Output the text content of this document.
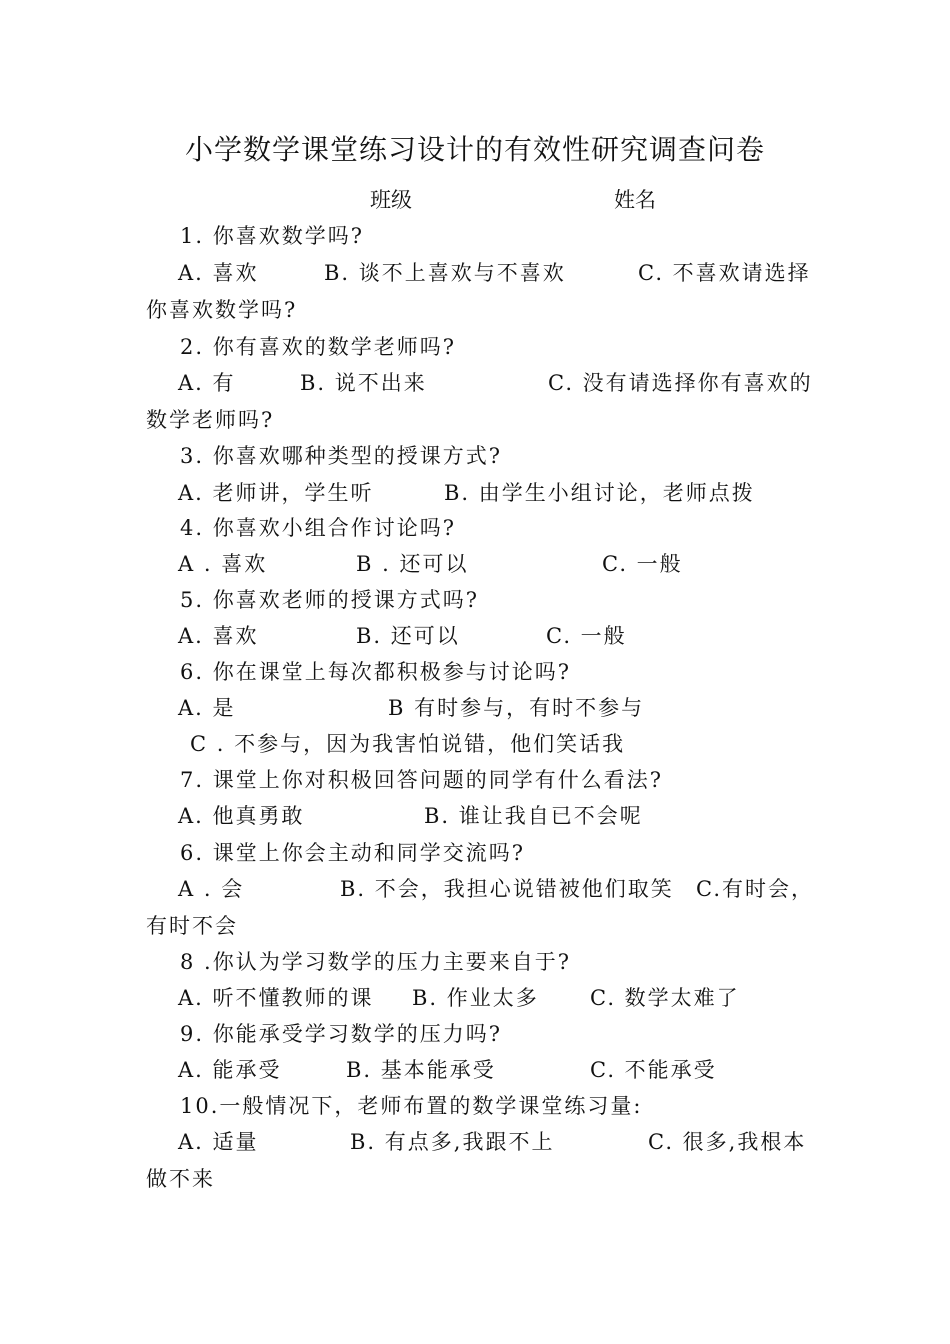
小学数学课堂练习设计的有效性研究调查问卷
班级	姓名
1. 你喜欢数学吗?
A. 喜欢	B. 谈不上喜欢与不喜欢	C. 不喜欢请选择
你喜欢数学吗?
2. 你有喜欢的数学老师吗?
A. 有	B. 说不出来	C. 没有请选择你有喜欢的
数学老师吗?
3. 你喜欢哪种类型的授课方式?
A. 老师讲，学生听	B. 由学生小组讨论，老师点拨
4. 你喜欢小组合作讨论吗?
A . 喜欢	B . 还可以	C. 一般
5. 你喜欢老师的授课方式吗?
A. 喜欢	B. 还可以	C. 一般
6. 你在课堂上每次都积极参与讨论吗?
A. 是	B 有时参与，有时不参与
C . 不参与，因为我害怕说错，他们笑话我
7. 课堂上你对积极回答问题的同学有什么看法?
A. 他真勇敢	B. 谁让我自已不会呢
6. 课堂上你会主动和同学交流吗?
A . 会	B. 不会，我担心说错被他们取笑 C.有时会，
有时不会
8 .你认为学习数学的压力主要来自于?
A. 听不懂教师的课 B. 作业太多 C. 数学太难了
9. 你能承受学习数学的压力吗?
A. 能承受	B. 基本能承受	C. 不能承受
10.一般情况下，老师布置的数学课堂练习量:
A. 适量	B. 有点多,我跟不上	C. 很多,我根本
做不来
